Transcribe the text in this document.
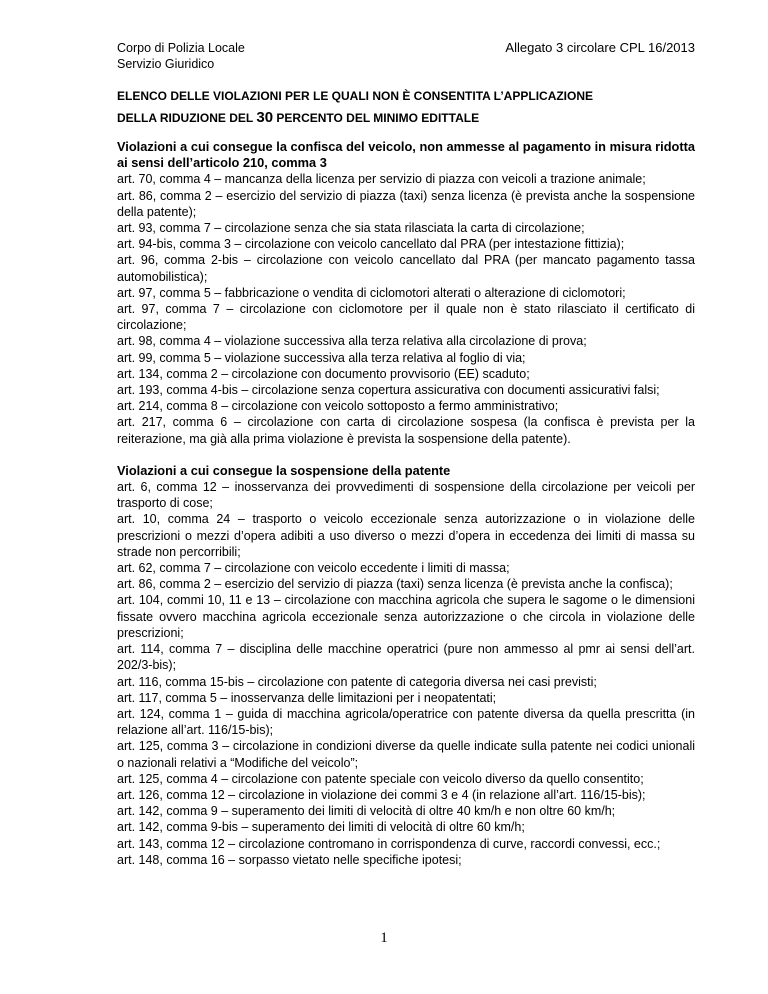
Corpo di Polizia Locale
Servizio Giuridico
Allegato 3 circolare CPL 16/2013
ELENCO DELLE VIOLAZIONI PER LE QUALI NON È CONSENTITA L’APPLICAZIONE
DELLA RIDUZIONE DEL 30 PERCENTO DEL MINIMO EDITTALE
Violazioni a cui consegue la confisca del veicolo, non ammesse al pagamento in misura ridotta ai sensi dell’articolo 210, comma 3
art. 70, comma 4 – mancanza della licenza per servizio di piazza con veicoli a trazione animale;
art. 86, comma 2 – esercizio del servizio di piazza (taxi) senza licenza (è prevista anche la sospensione della patente);
art. 93, comma 7 – circolazione senza che sia stata rilasciata la carta di circolazione;
art. 94-bis, comma 3 – circolazione con veicolo cancellato dal PRA (per intestazione fittizia);
art. 96, comma 2-bis – circolazione con veicolo cancellato dal PRA (per mancato pagamento tassa automobilistica);
art. 97, comma 5 – fabbricazione o vendita di ciclomotori alterati o alterazione di ciclomotori;
art. 97, comma 7 – circolazione con ciclomotore per il quale non è stato rilasciato il certificato di circolazione;
art. 98, comma 4 – violazione successiva alla terza relativa alla circolazione di prova;
art. 99, comma 5 – violazione successiva alla terza relativa al foglio di via;
art. 134, comma 2 – circolazione con documento provvisorio (EE) scaduto;
art. 193, comma 4-bis – circolazione senza copertura assicurativa con documenti assicurativi falsi;
art. 214, comma 8 – circolazione con veicolo sottoposto a fermo amministrativo;
art. 217, comma 6 – circolazione con carta di circolazione sospesa (la confisca è prevista per la reiterazione, ma già alla prima violazione è prevista la sospensione della patente).
Violazioni a cui consegue la sospensione della patente
art. 6, comma 12 – inosservanza dei provvedimenti di sospensione della circolazione per veicoli per trasporto di cose;
art. 10, comma 24 – trasporto o veicolo eccezionale senza autorizzazione o in violazione delle prescrizioni o mezzi d’opera adibiti a uso diverso o mezzi d’opera in eccedenza dei limiti di massa su strade non percorribili;
art. 62, comma 7 – circolazione con veicolo eccedente i limiti di massa;
art. 86, comma 2 – esercizio del servizio di piazza (taxi) senza licenza (è prevista anche la confisca);
art. 104, commi 10, 11 e 13 – circolazione con macchina agricola che supera le sagome o le dimensioni fissate ovvero macchina agricola eccezionale senza autorizzazione o che circola in violazione delle prescrizioni;
art. 114, comma 7 – disciplina delle macchine operatrici (pure non ammesso al pmr ai sensi dell’art. 202/3-bis);
art. 116, comma 15-bis – circolazione con patente di categoria diversa nei casi previsti;
art. 117, comma 5 – inosservanza delle limitazioni per i neopatentati;
art. 124, comma 1 – guida di macchina agricola/operatrice con patente diversa da quella prescritta (in relazione all’art. 116/15-bis);
art. 125, comma 3 – circolazione in condizioni diverse da quelle indicate sulla patente nei codici unionali o nazionali relativi a “Modifiche del veicolo”;
art. 125, comma 4 – circolazione con patente speciale con veicolo diverso da quello consentito;
art. 126, comma 12 – circolazione in violazione dei commi 3 e 4 (in relazione all’art. 116/15-bis);
art. 142, comma 9 – superamento dei limiti di velocità di oltre 40 km/h e non oltre 60 km/h;
art. 142, comma 9-bis – superamento dei limiti di velocità di oltre 60 km/h;
art. 143, comma 12 – circolazione contromano in corrispondenza di curve, raccordi convessi, ecc.;
art. 148, comma 16 – sorpasso vietato nelle specifiche ipotesi;
1
